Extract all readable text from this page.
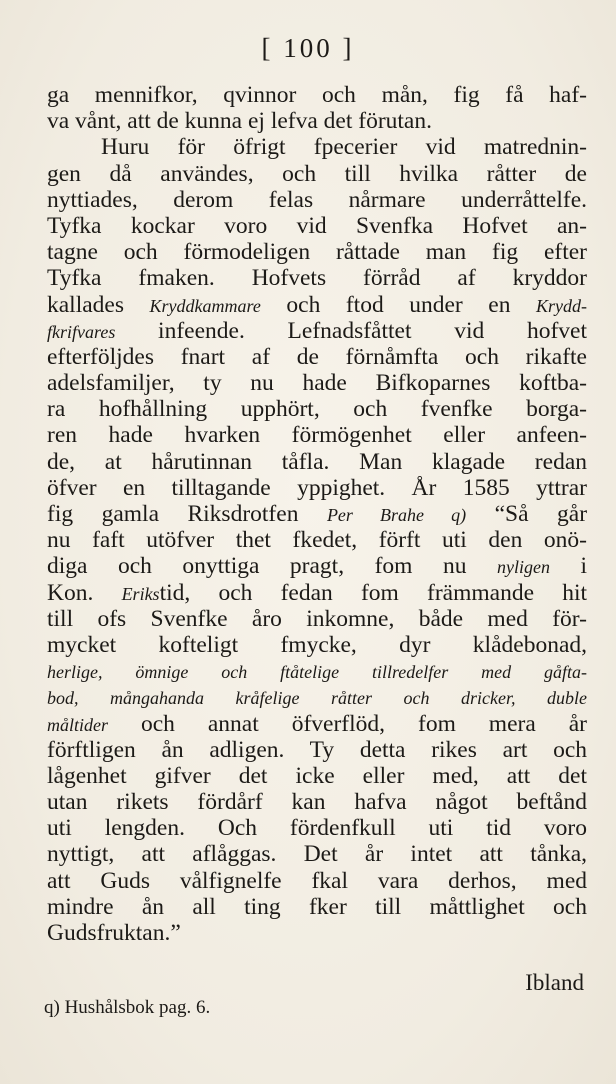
[ 100 ]
ga mennifkor, qvinnor och mån, fig få haf-
va vånt, att de kunna ej lefva det förutan.
Huru för öfrigt fpecerier vid matrednin-
gen då användes, och till hvilka råtter de
nyttiades, derom felas nårmare underråttelfe.
Tyfka kockar voro vid Svenfka Hofvet an-
tagne och förmodeligen råttade man fig efter
Tyfka fmaken. Hofvets förråd af kryddor
kallades Kryddkammare och ftod under en Krydd-
fkrifvares infeende. Lefnadsfåttet vid hofvet
efterföljdes fnart af de förnåmfta och rikafte
adelsfamiljer, ty nu hade Bifkoparnes koftba-
ra hofhållning upphört, och fvenfke borga-
ren hade hvarken förmögenhet eller anfeen-
de, at hårutinnan tåfla. Man klagade redan
öfver en tilltagande yppighet. År 1585 yttrar
fig gamla Riksdrotfen Per Brahe q) “Så går
nu faft utöfver thet fkedet, förft uti den onö-
diga och onyttiga pragt, fom nu nyligen i
Kon. Erikstid, och fedan fom främmande hit
till ofs Svenfke åro inkomne, både med för-
mycket kofteligt fmycke, dyr klådebonad,
herlige, ömnige och ftåtelige tillredelfer med gåfta-
bod, mångahanda kråfelige råtter och dricker, duble
måltider och annat öfverflöd, fom mera år
förftligen ån adligen. Ty detta rikes art och
lågenhet gifver det icke eller med, att det
utan rikets fördårf kan hafva något beftånd
uti lengden. Och fördenfkull uti tid voro
nyttigt, att aflåggas. Det år intet att tånka,
att Guds vålfignelfe fkal vara derhos, med
mindre ån all ting fker till måttlighet och
Gudsfruktan.”
Ibland
q) Hushålsbok pag. 6.
